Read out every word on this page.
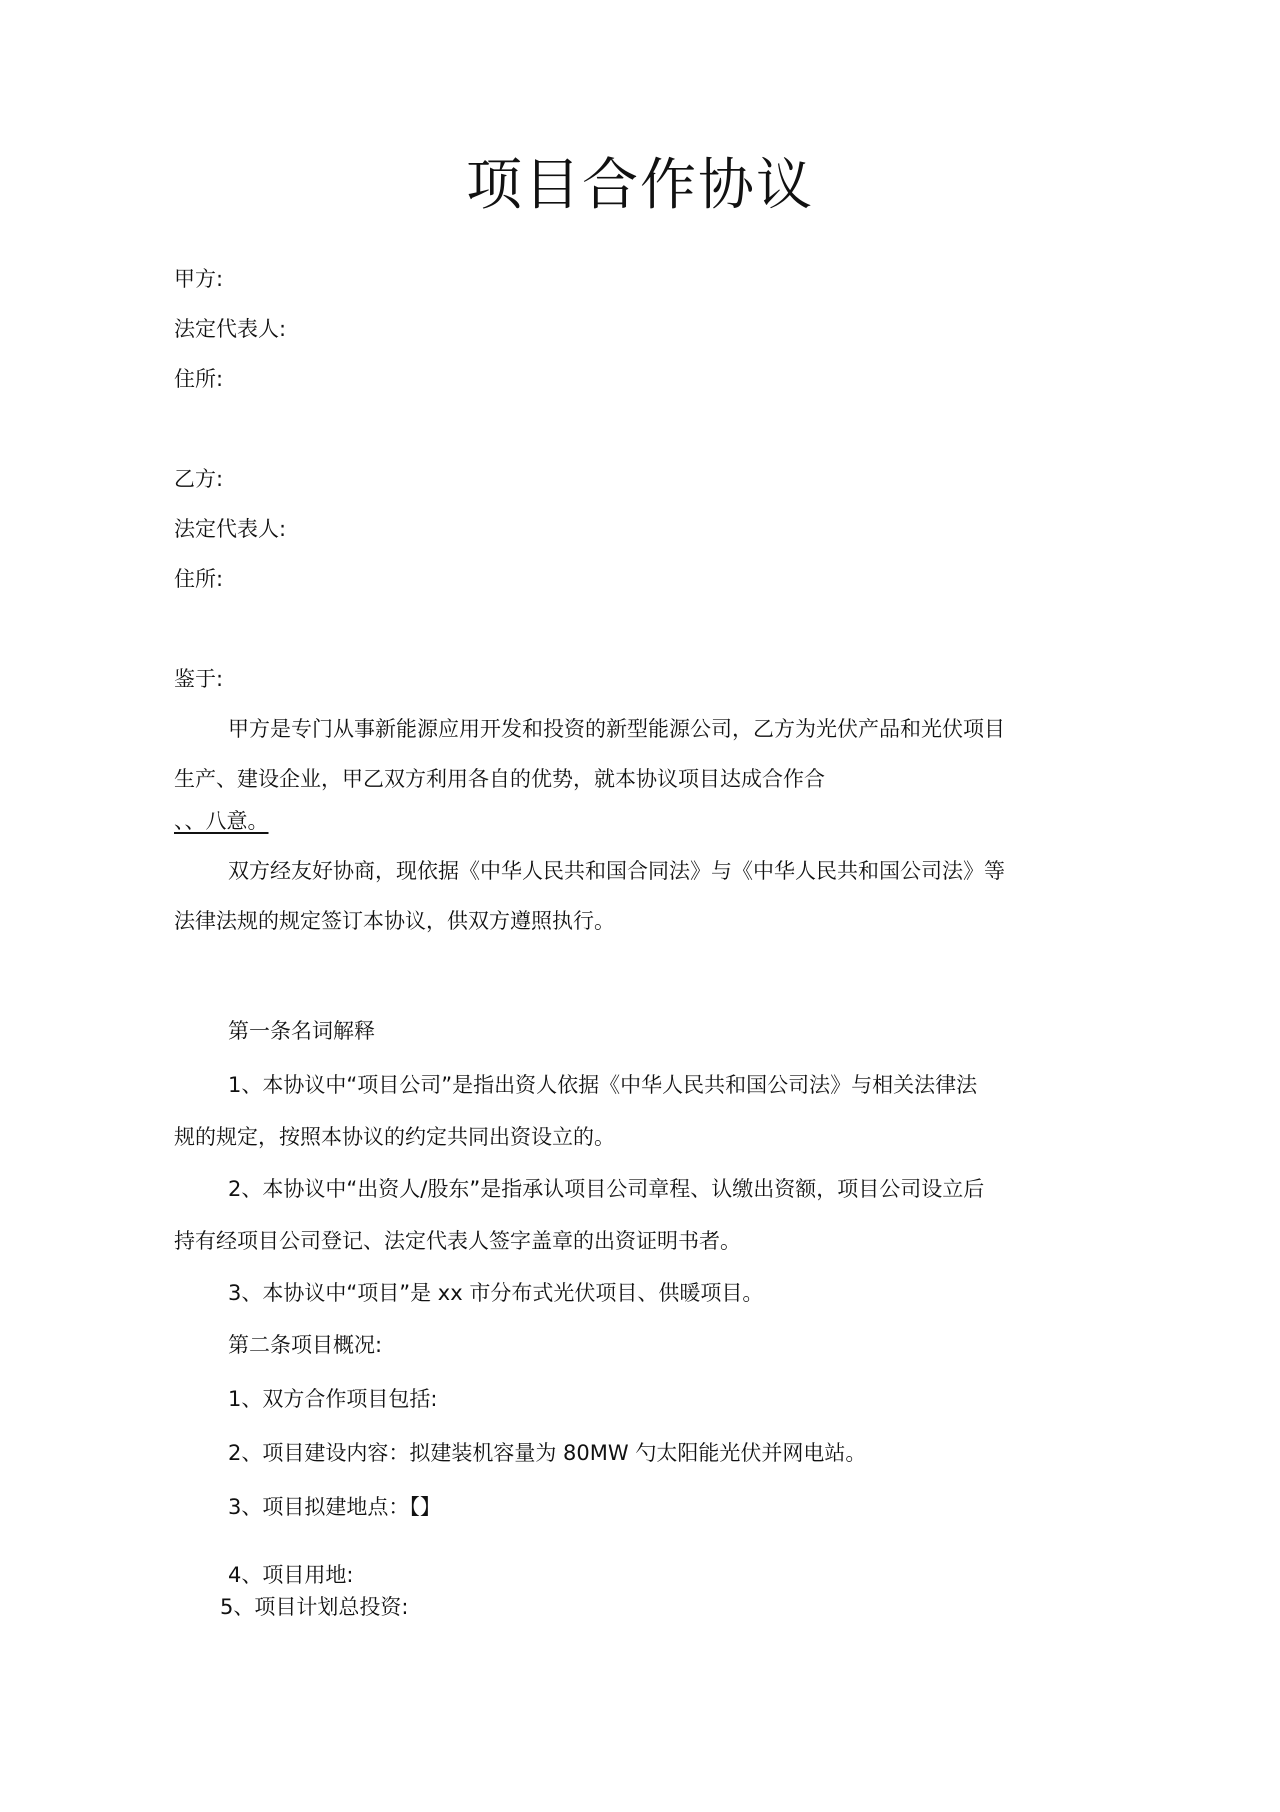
项目合作协议
甲方:
法定代表人:
住所:
乙方:
法定代表人:
住所:
鉴于:
甲方是专门从事新能源应用开发和投资的新型能源公司，乙方为光伏产品和光伏项目
生产、建设企业，甲乙双方利用各自的优势，就本协议项目达成合作合
、、八意。
双方经友好协商，现依据《中华人民共和国合同法》与《中华人民共和国公司法》等
法律法规的规定签订本协议，供双方遵照执行。
第一条名词解释
1、本协议中“项目公司”是指出资人依据《中华人民共和国公司法》与相关法律法
规的规定，按照本协议的约定共同出资设立的。
2、本协议中“出资人/股东”是指承认项目公司章程、认缴出资额，项目公司设立后
持有经项目公司登记、法定代表人签字盖章的出资证明书者。
3、本协议中“项目”是 xx 市分布式光伏项目、供暖项目。
第二条项目概况:
1、双方合作项目包括:
2、项目建设内容：拟建装机容量为 80MW 勺太阳能光伏并网电站。
3、项目拟建地点：【】
4、项目用地:
5、项目计划总投资:
